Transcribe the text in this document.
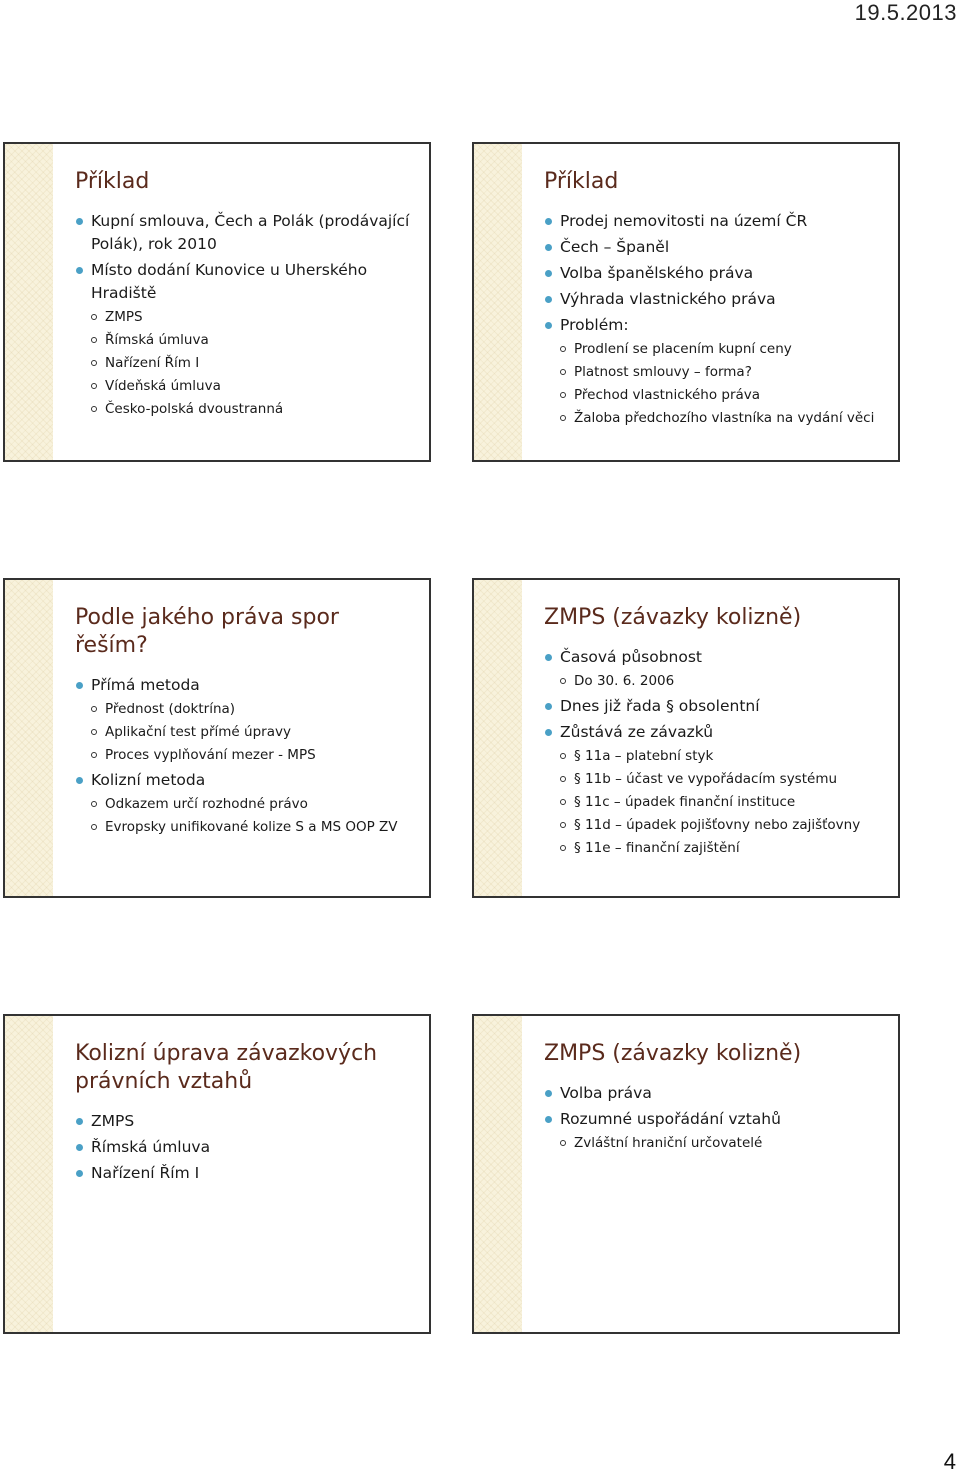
19.5.2013
Příklad
Kupní smlouva, Čech a Polák (prodávající Polák), rok 2010
Místo dodání Kunovice u Uherského Hradiště
ZMPS
Římská úmluva
Nařízení Řím I
Vídeňská úmluva
Česko-polská dvoustranná
Příklad
Prodej nemovitosti na území ČR
Čech – Španěl
Volba španělského práva
Výhrada vlastnického práva
Problém:
Prodlení se placením kupní ceny
Platnost smlouvy – forma?
Přechod vlastnického práva
Žaloba předchozího vlastníka na vydání věci
Podle jakého práva spor řeším?
Přímá metoda
Přednost (doktrína)
Aplikační test přímé úpravy
Proces vyplňování mezer - MPS
Kolizní metoda
Odkazem určí rozhodné právo
Evropsky unifikované kolize S a MS OOP ZV
ZMPS (závazky kolizně)
Časová působnost
Do 30. 6. 2006
Dnes již řada § obsolentní
Zůstává ze závazků
§ 11a – platební styk
§ 11b – účast ve vypořádacím systému
§ 11c – úpadek finanční instituce
§ 11d – úpadek pojišťovny nebo zajišťovny
§ 11e – finanční zajištění
Kolizní úprava závazkových právních vztahů
ZMPS
Římská úmluva
Nařízení Řím I
ZMPS (závazky kolizně)
Volba práva
Rozumné uspořádání vztahů
Zvláštní hraniční určovatelé
4
